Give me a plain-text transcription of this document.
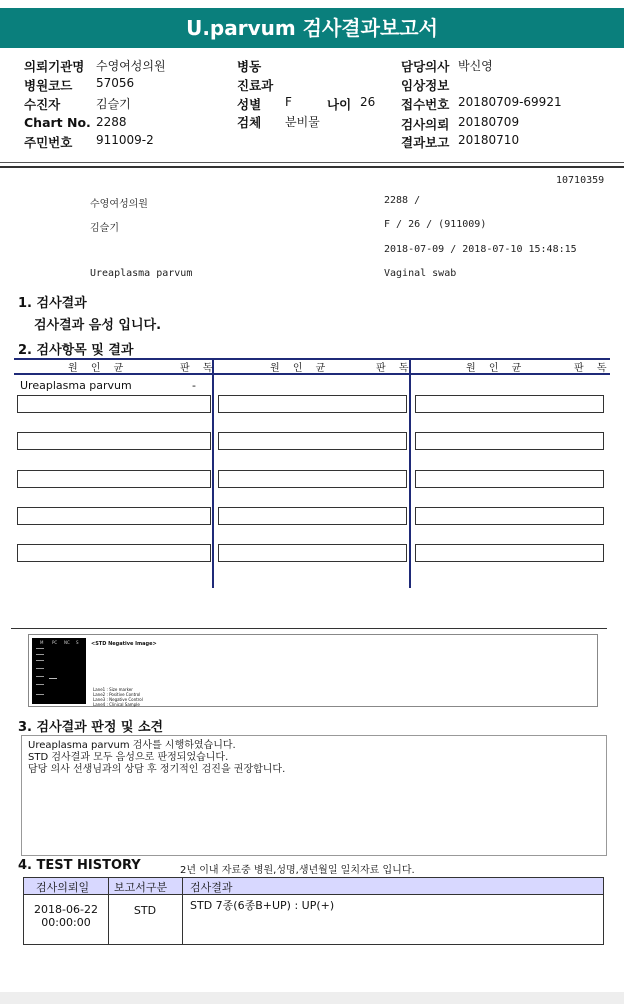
U.parvum 검사결과보고서
의뢰기관명 수영여성의원
병원코드 57056
수진자	김슬기
Chart No. 2288
주민번호 911009-2
병동
진료과
성별 F	나이 26
검체 분비물
담당의사 박신영
임상정보
접수번호 20180709-69921
검사의뢰 20180709
결과보고 20180710
10710359
수영여성의원	2288 /
김슬기	F / 26 / (911009)
2018-07-09 / 2018-07-10 15:48:15
Ureaplasma parvum	Vaginal swab
1. 검사결과
검사결과 음성 입니다.
2. 검사항목 및 결과
원 인 균	판 독	원 인 균	판 독	원 인 균	판 독
Ureaplasma parvum	-
M PC NC S <STD Negative Image>
Lane1 : Size marker
Lane2 : Positive Control
Lane3 : Negative Control
Lane4 : Clinical Sample
3. 검사결과 판정 및 소견
Ureaplasma parvum 검사를 시행하였습니다.
STD 검사결과 모두 음성으로 판정되었습니다.
담당 의사 선생님과의 상담 후 정기적인 검진을 권장합니다.
4. TEST HISTORY	2년 이내 자료중 병원,성명,생년월일 일치자료 입니다.
검사의뢰일 보고서구분 검사결과
2018-06-22
00:00:00
STD	STD 7종(6종B+UP) : UP(+)
